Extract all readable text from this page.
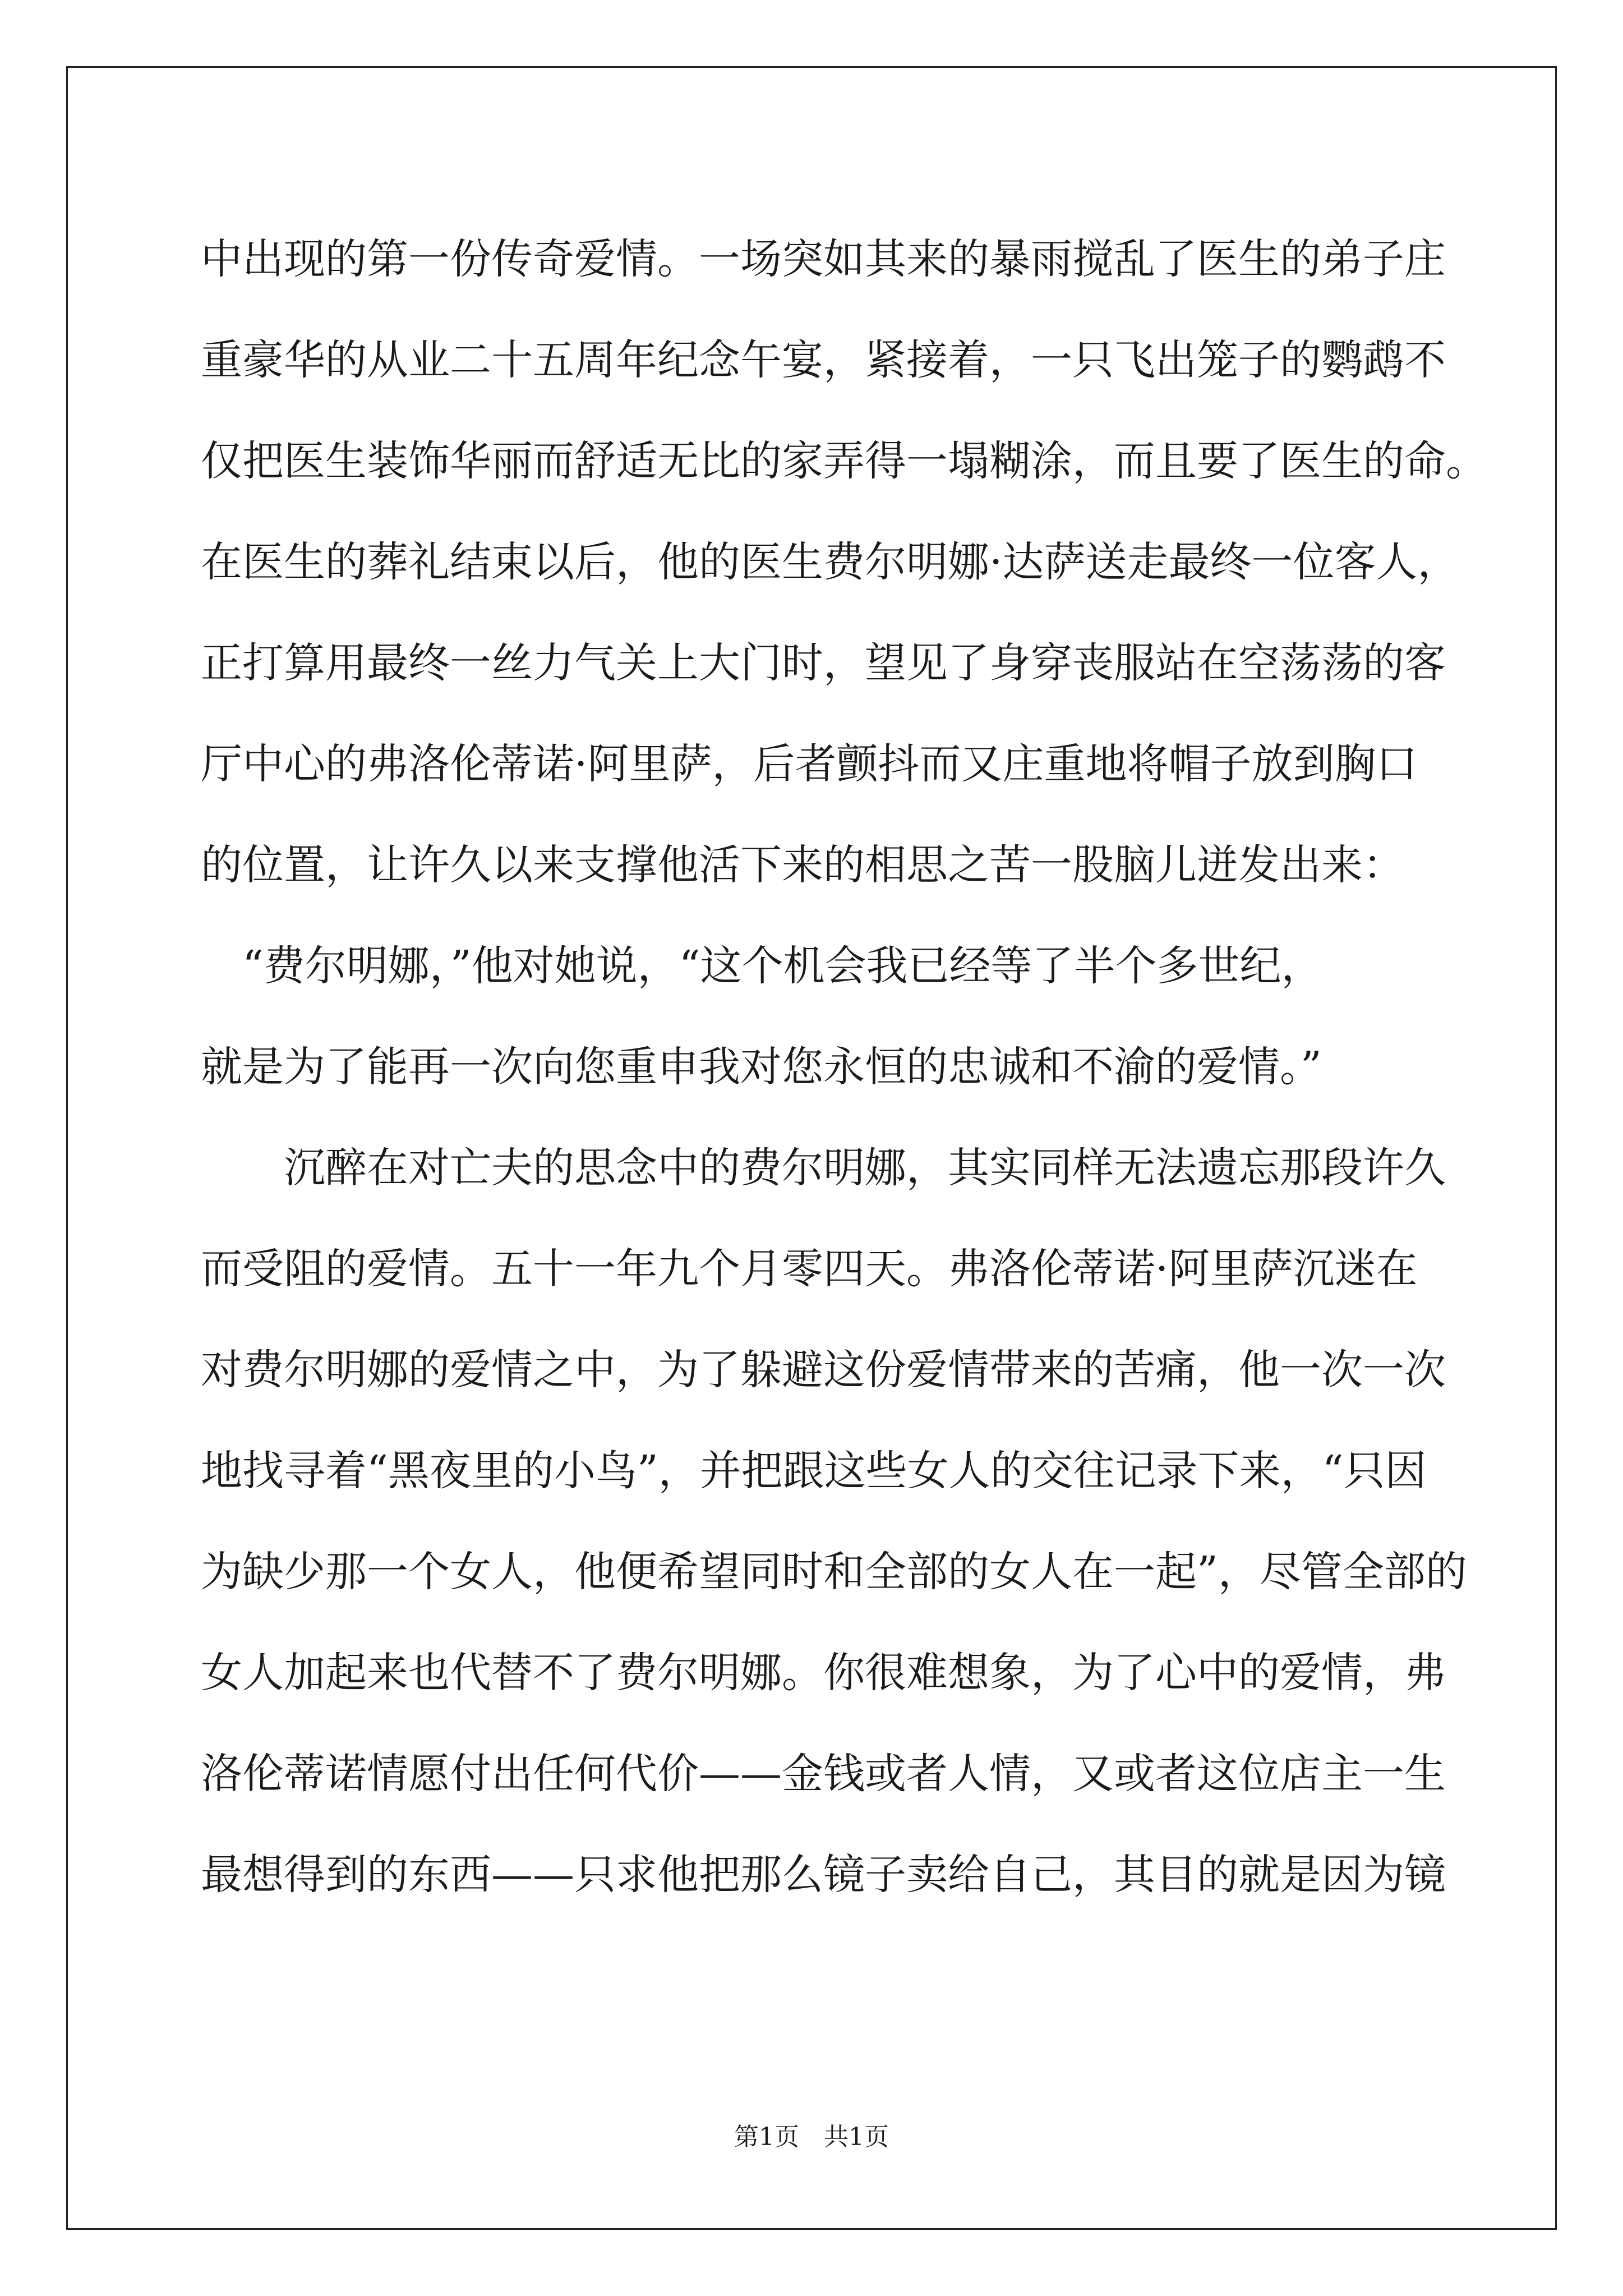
中出现的第一份传奇爱情。一场突如其来的暴雨搅乱了医生的弟子庄
重豪华的从业二十五周年纪念午宴，紧接着，一只飞出笼子的鹦鹉不
仅把医生装饰华丽而舒适无比的家弄得一塌糊涂，而且要了医生的命。
在医生的葬礼结束以后，他的医生费尔明娜·达萨送走最终一位客人，
正打算用最终一丝力气关上大门时，望见了身穿丧服站在空荡荡的客
厅中心的弗洛伦蒂诺·阿里萨，后者颤抖而又庄重地将帽子放到胸口
的位置，让许久以来支撑他活下来的相思之苦一股脑儿迸发出来：
　“费尔明娜，”他对她说，“这个机会我已经等了半个多世纪，
就是为了能再一次向您重申我对您永恒的忠诚和不渝的爱情。”
　　沉醉在对亡夫的思念中的费尔明娜，其实同样无法遗忘那段许久
而受阻的爱情。五十一年九个月零四天。弗洛伦蒂诺·阿里萨沉迷在
对费尔明娜的爱情之中，为了躲避这份爱情带来的苦痛，他一次一次
地找寻着“黑夜里的小鸟”，并把跟这些女人的交往记录下来，“只因
为缺少那一个女人，他便希望同时和全部的女人在一起”，尽管全部的
女人加起来也代替不了费尔明娜。你很难想象，为了心中的爱情，弗
洛伦蒂诺情愿付出任何代价——金钱或者人情，又或者这位店主一生
最想得到的东西——只求他把那么镜子卖给自己，其目的就是因为镜
第1页　共1页
